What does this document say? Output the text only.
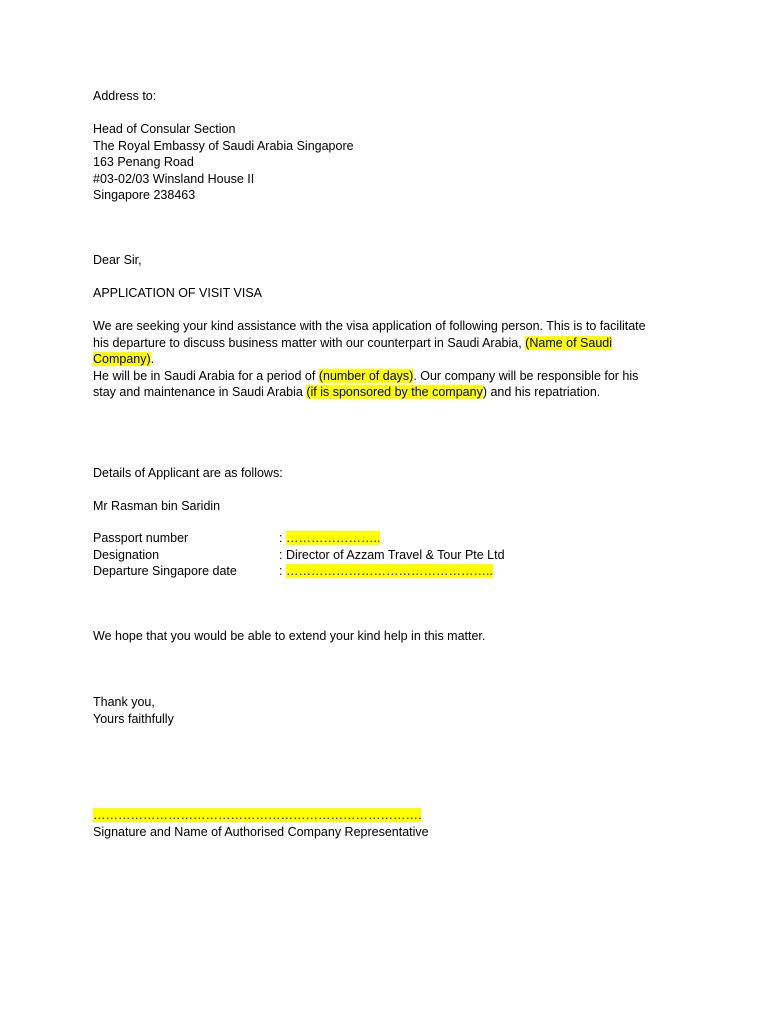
Address to:
Head of Consular Section
The Royal Embassy of Saudi Arabia Singapore
163 Penang Road
#03-02/03 Winsland House II
Singapore 238463
Dear Sir,
APPLICATION OF VISIT VISA
We are seeking your kind assistance with the visa application of following person. This is to facilitate
his departure to discuss business matter with our counterpart in Saudi Arabia, (Name of Saudi
Company).
He will be in Saudi Arabia for a period of (number of days). Our company will be responsible for his
stay and maintenance in Saudi Arabia (if is sponsored by the company) and his repatriation.
Details of Applicant are as follows:
Mr Rasman bin Saridin
Passport number	: …………………..
Designation	: Director of Azzam Travel & Tour Pte Ltd
Departure Singapore date	: …………………………………………..
We hope that you would be able to extend your kind help in this matter.
Thank you,
Yours faithfully
…………………………………………………………………….
Signature and Name of Authorised Company Representative
